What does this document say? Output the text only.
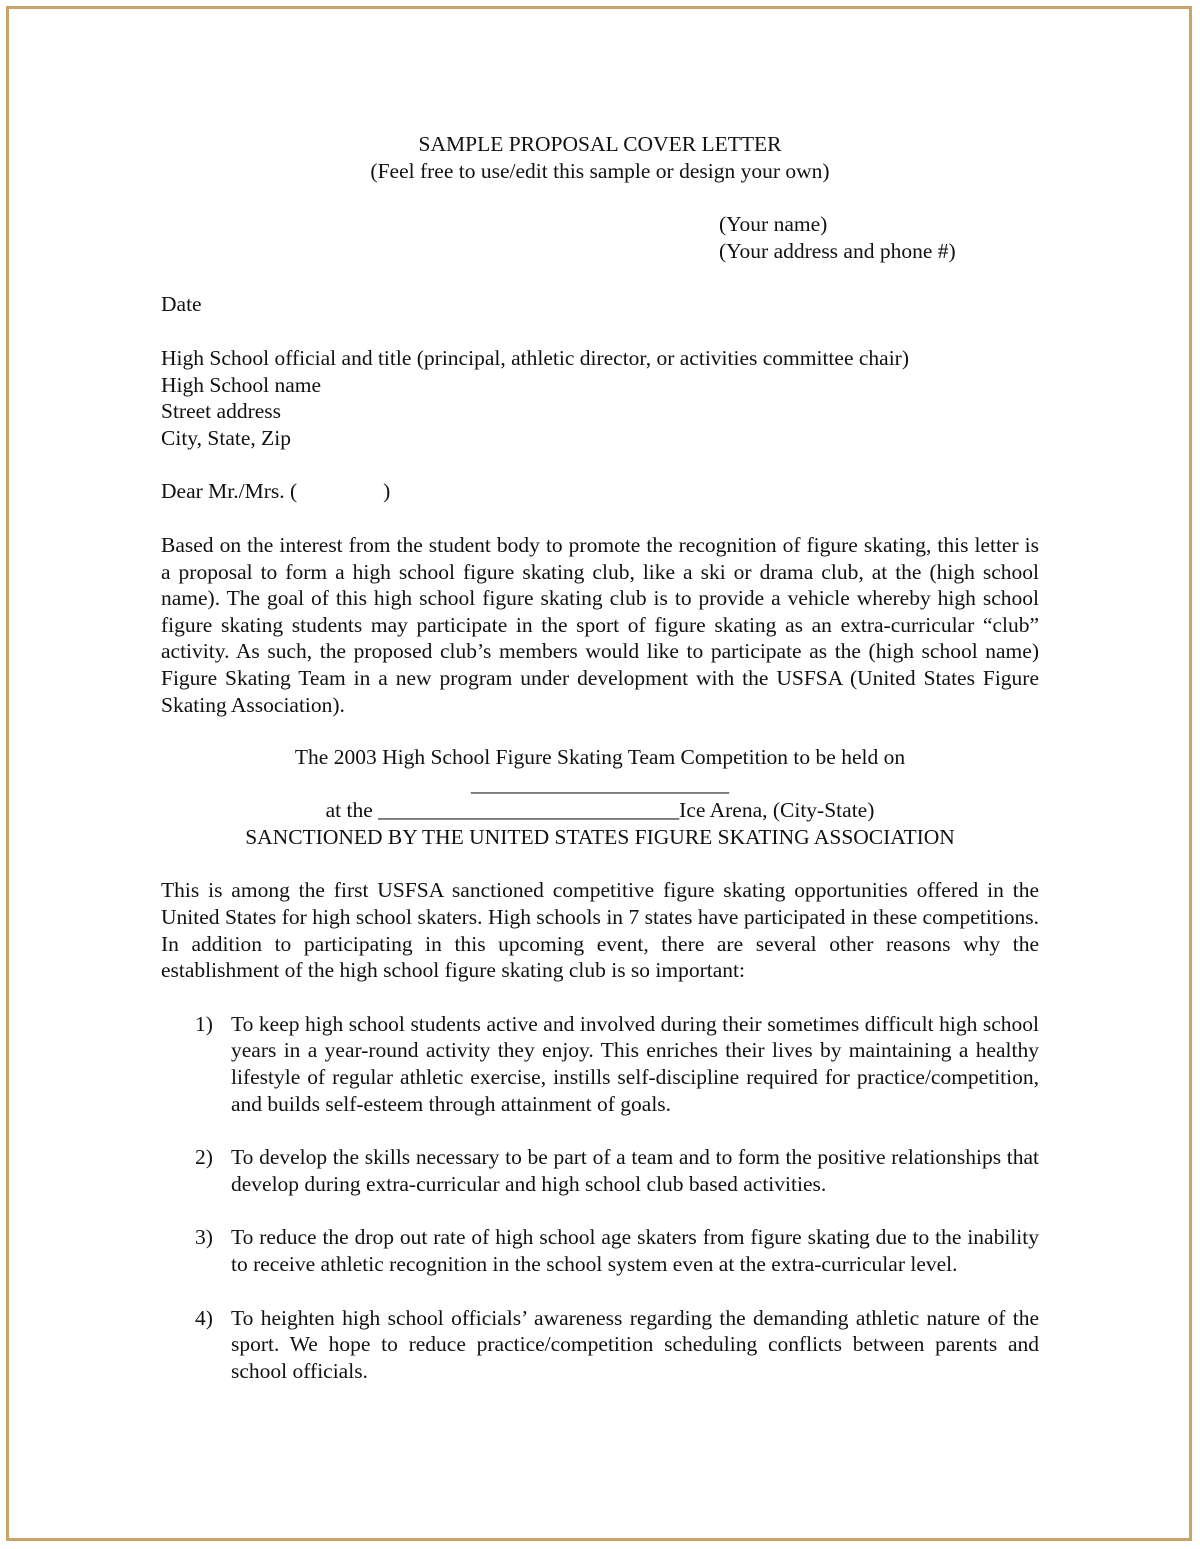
SAMPLE PROPOSAL COVER LETTER
(Feel free to use/edit this sample or design your own)
(Your name)
(Your address and phone #)
Date
High School official and title (principal, athletic director, or activities committee chair)
High School name
Street address
City, State, Zip
Dear Mr./Mrs. (                )
Based on the interest from the student body to promote the recognition of figure skating, this letter is a proposal to form a high school figure skating club, like a ski or drama club, at the (high school name). The goal of this high school figure skating club is to provide a vehicle whereby high school figure skating students may participate in the sport of figure skating as an extra-curricular “club” activity. As such, the proposed club’s members would like to participate as the (high school name) Figure Skating Team in a new program under development with the USFSA (United States Figure Skating Association).
The 2003 High School Figure Skating Team Competition to be held on
________________________
at the ____________________________Ice Arena, (City-State)
SANCTIONED BY THE UNITED STATES FIGURE SKATING ASSOCIATION
This is among the first USFSA sanctioned competitive figure skating opportunities offered in the United States for high school skaters. High schools in 7 states have participated in these competitions. In addition to participating in this upcoming event, there are several other reasons why the establishment of the high school figure skating club is so important:
1) To keep high school students active and involved during their sometimes difficult high school years in a year-round activity they enjoy. This enriches their lives by maintaining a healthy lifestyle of regular athletic exercise, instills self-discipline required for practice/competition, and builds self-esteem through attainment of goals.
2) To develop the skills necessary to be part of a team and to form the positive relationships that develop during extra-curricular and high school club based activities.
3) To reduce the drop out rate of high school age skaters from figure skating due to the inability to receive athletic recognition in the school system even at the extra-curricular level.
4) To heighten high school officials’ awareness regarding the demanding athletic nature of the sport. We hope to reduce practice/competition scheduling conflicts between parents and school officials.
